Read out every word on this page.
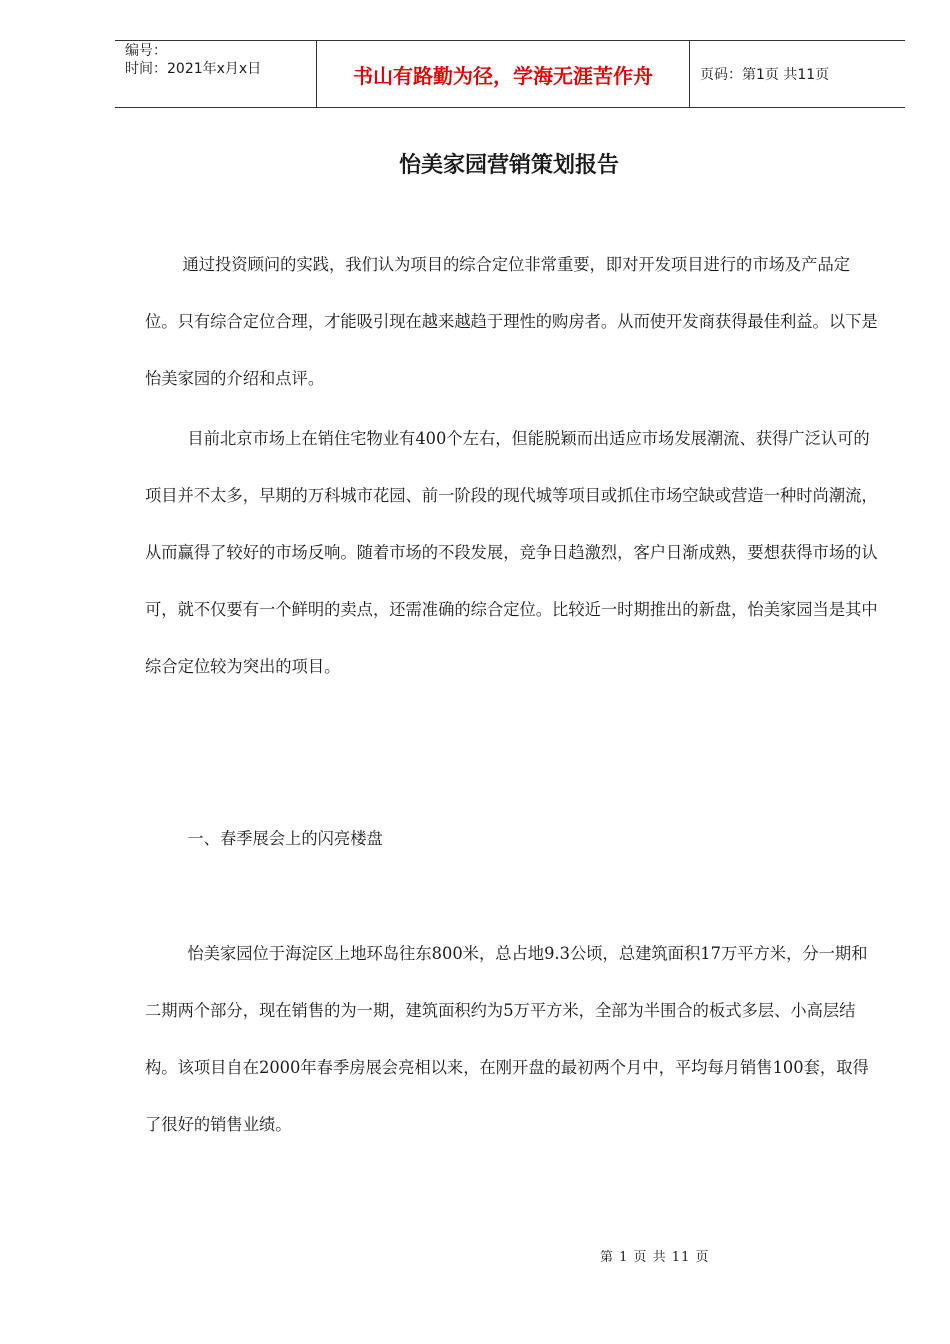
编号：
时间：2021年x月x日	书山有路勤为径，学海无涯苦作舟	页码：第1页 共11页
怡美家园营销策划报告

通过投资顾问的实践，我们认为项目的综合定位非常重要，即对开发项目进行的市场及产品定位。只有综合定位合理，才能吸引现在越来越趋于理性的购房者。从而使开发商获得最佳利益。以下是怡美家园的介绍和点评。

目前北京市场上在销住宅物业有400个左右，但能脱颖而出适应市场发展潮流、获得广泛认可的项目并不太多，早期的万科城市花园、前一阶段的现代城等项目或抓住市场空缺或营造一种时尚潮流，从而赢得了较好的市场反响。随着市场的不段发展，竞争日趋激烈，客户日渐成熟，要想获得市场的认可，就不仅要有一个鲜明的卖点，还需准确的综合定位。比较近一时期推出的新盘，怡美家园当是其中综合定位较为突出的项目。

一、春季展会上的闪亮楼盘

怡美家园位于海淀区上地环岛往东800米，总占地9.3公顷，总建筑面积17万平方米，分一期和二期两个部分，现在销售的为一期，建筑面积约为5万平方米，全部为半围合的板式多层、小高层结构。该项目自在2000年春季房展会亮相以来，在刚开盘的最初两个月中，平均每月销售100套，取得了很好的销售业绩。

第 1 页 共 11 页
